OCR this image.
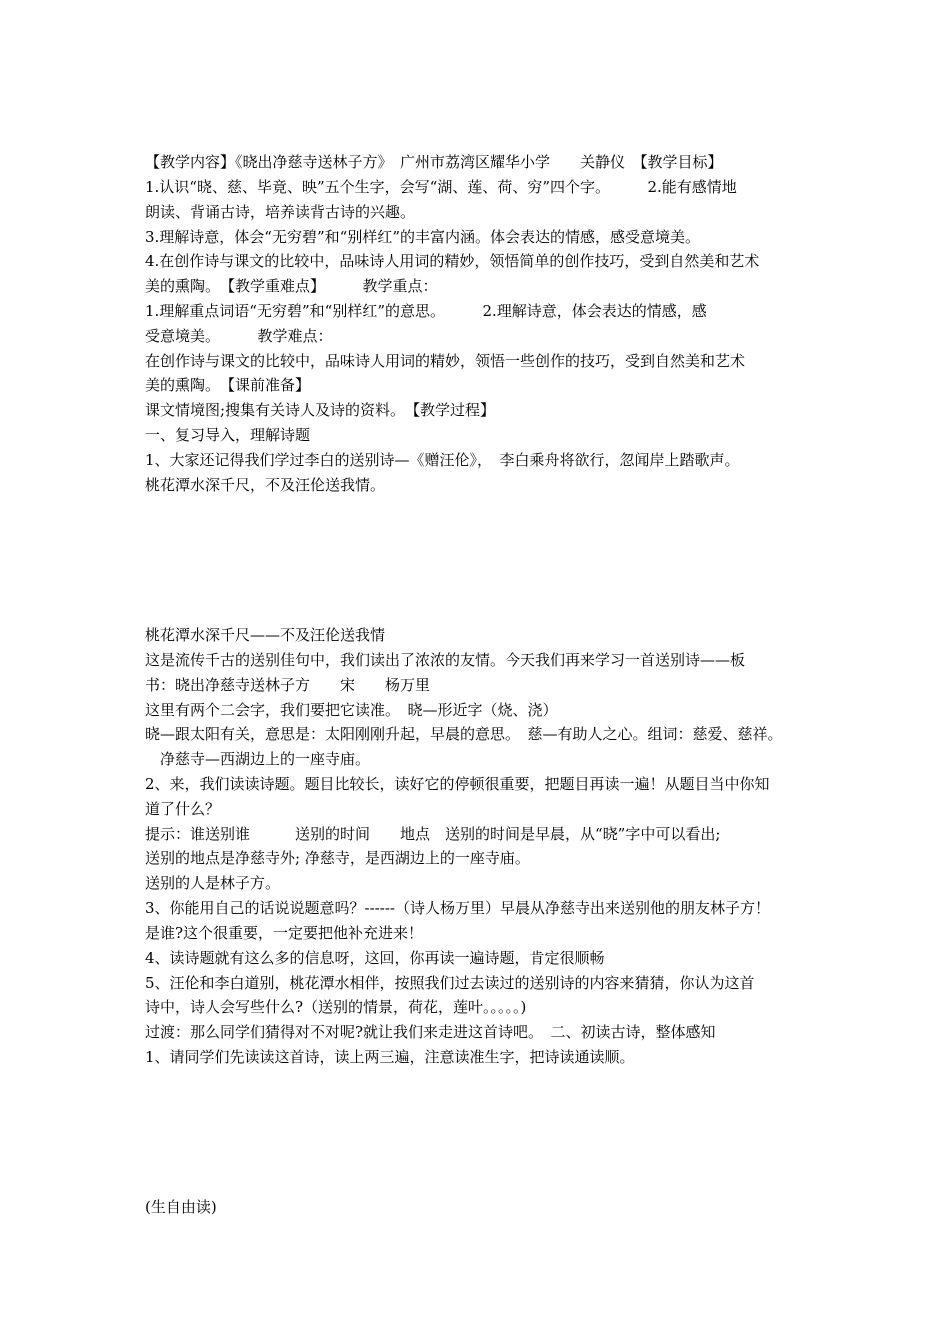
【教学内容】《晓出净慈寺送林子方》　广州市荔湾区耀华小学　　关静仪　【教学目标】
1.认识“晓、慈、毕竟、映”五个生字，会写“湖、莲、荷、穷”四个字。　　　2.能有感情地
朗读、背诵古诗，培养读背古诗的兴趣。
3.理解诗意，体会“无穷碧”和“别样红”的丰富内涵。体会表达的情感，感受意境美。
4.在创作诗与课文的比较中，品味诗人用词的精妙，领悟简单的创作技巧，受到自然美和艺术
美的熏陶。　【教学重难点】　　　教学重点：
1.理解重点词语“无穷碧”和“别样红”的意思。　　　2.理解诗意，体会表达的情感，感
受意境美。　　　教学难点：
在创作诗与课文的比较中，品味诗人用词的精妙，领悟一些创作的技巧，受到自然美和艺术
美的熏陶。　【课前准备】
课文情境图;搜集有关诗人及诗的资料。　【教学过程】
一、复习导入，理解诗题
1、大家还记得我们学过李白的送别诗—《赠汪伦》，　李白乘舟将欲行，忽闻岸上踏歌声。
桃花潭水深千尺，不及汪伦送我情。
桃花潭水深千尺——不及汪伦送我情
这是流传千古的送别佳句中，我们读出了浓浓的友情。今天我们再来学习一首送别诗——板
书：晓出净慈寺送林子方　　宋　　杨万里
这里有两个二会字，我们要把它读准。　晓—形近字（烧、浇）
晓—跟太阳有关，意思是：太阳刚刚升起，早晨的意思。　慈—有助人之心。组词：慈爱、慈祥。
　净慈寺—西湖边上的一座寺庙。
2、来，我们读读诗题。题目比较长，读好它的停顿很重要，把题目再读一遍！从题目当中你知
道了什么？
提示：谁送别谁　　　送别的时间　　地点　送别的时间是早晨，从“晓”字中可以看出;
送别的地点是净慈寺外; 净慈寺，是西湖边上的一座寺庙。
送别的人是林子方。
3、你能用自己的话说说题意吗？------（诗人杨万里）早晨从净慈寺出来送别他的朋友林子方！
是谁?这个很重要，一定要把他补充进来！
4、读诗题就有这么多的信息呀，这回，你再读一遍诗题，肯定很顺畅
5、汪伦和李白道别，桃花潭水相伴，按照我们过去读过的送别诗的内容来猜猜，你认为这首
诗中，诗人会写些什么?（送别的情景，荷花，莲叶。。。。。)
过渡：那么同学们猜得对不对呢?就让我们来走进这首诗吧。　二、初读古诗，整体感知
1、请同学们先读读这首诗，读上两三遍，注意读准生字，把诗读通读顺。
(生自由读)
